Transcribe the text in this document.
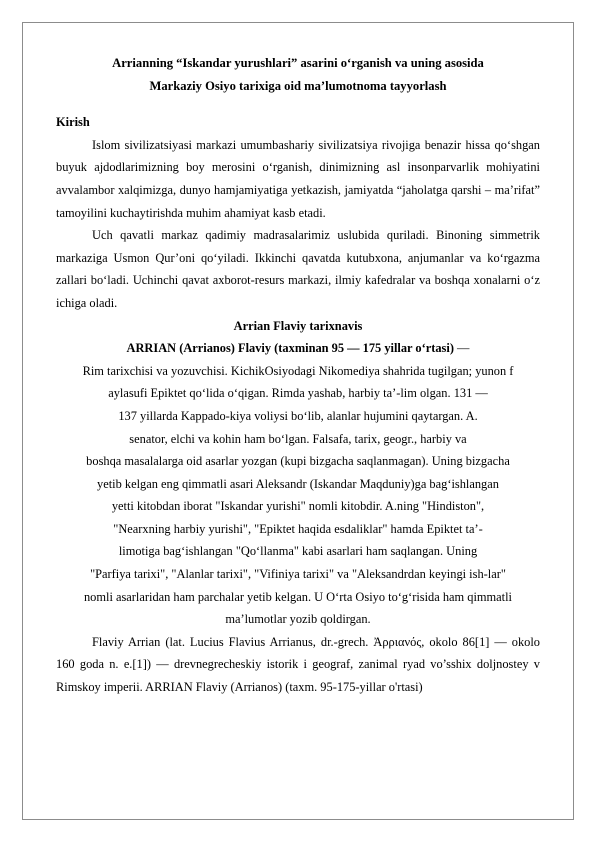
Arrianning “Iskandar yurushlari” asarini o‘rganish va uning asosida

Markaziy Osiyo tarixiga oid ma’lumotnoma tayyorlash

Kirish

Islom sivilizatsiyasi markazi umumbashariy sivilizatsiya rivojiga benazir hissa qo‘shgan buyuk ajdodlarimizning boy merosini o‘rganish, dinimizning asl insonparvarlik mohiyatini avvalambor xalqimizga, dunyo hamjamiyatiga yetkazish, jamiyatda “jaholatga qarshi – ma’rifat” tamoyilini kuchaytirishda muhim ahamiyat kasb etadi.

Uch qavatli markaz qadimiy madrasalarimiz uslubida quriladi. Binoning simmetrik markaziga Usmon Qur’oni qo‘yiladi. Ikkinchi qavatda kutubxona, anjumanlar va ko‘rgazma zallari bo‘ladi. Uchinchi qavat axborot-resurs markazi, ilmiy kafedralar va boshqa xonalarni o‘z ichiga oladi.

Arrian Flaviy tarixnavis

ARRIAN (Arrianos) Flaviy (taxminan 95 — 175 yillar o‘rtasi) —

Rim tarixchisi va yozuvchisi. KichikOsiyodagi Nikomediya shahrida tugilgan; yunon f

aylasufi Epiktet qo‘lida o‘qigan. Rimda yashab, harbiy ta’-lim olgan. 131 —

137 yillarda Kappado-kiya voliysi bo‘lib, alanlar hujumini qaytargan. A.

senator, elchi va kohin ham bo‘lgan. Falsafa, tarix, geogr., harbiy va

boshqa masalalarga oid asarlar yozgan (kupi bizgacha saqlanmagan). Uning bizgacha

yetib kelgan eng qimmatli asari Aleksandr (Iskandar Maqduniy)ga bag‘ishlangan

yetti kitobdan iborat "Iskandar yurishi" nomli kitobdir. A.ning "Hindiston",

"Nearxning harbiy yurishi", "Epiktet haqida esdaliklar" hamda Epiktet ta’-

limotiga bag‘ishlangan "Qo‘llanma" kabi asarlari ham saqlangan. Uning

"Parfiya tarixi", "Alanlar tarixi", "Vifiniya tarixi" va "Aleksandrdan keyingi ish-lar"

nomli asarlaridan ham parchalar yetib kelgan. U O‘rta Osiyo to‘g‘risida ham qimmatli

ma’lumotlar yozib qoldirgan.

Flaviy Arrian (lat. Lucius Flavius Arrianus, dr.-grech. Ἀρριανός, okolo 86[1] — okolo 160 goda n. e.[1]) — drevnegrecheskiy istorik i geograf, zanimal ryad vo’sshix doljnostey v Rimskoy imperii. ARRIAN Flaviy (Arrianos) (taxm. 95-175-yillar o'rtasi)
